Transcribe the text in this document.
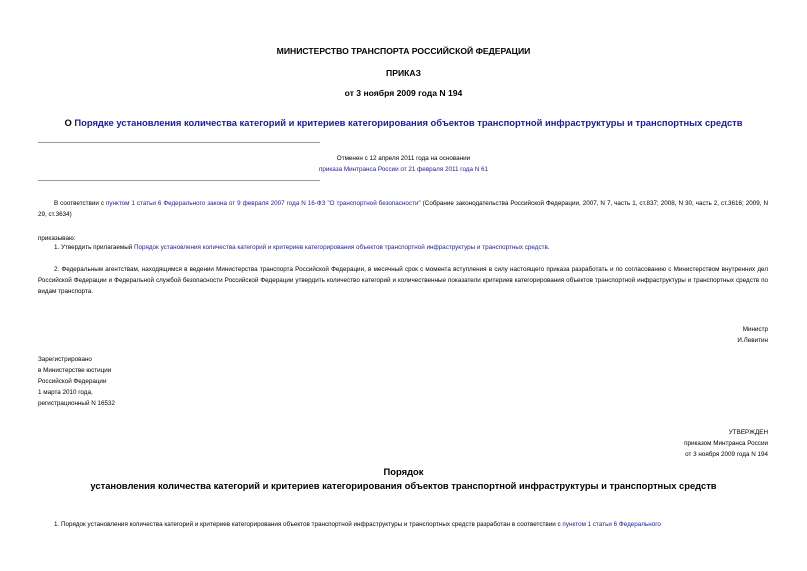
МИНИСТЕРСТВО ТРАНСПОРТА РОССИЙСКОЙ ФЕДЕРАЦИИ
ПРИКАЗ
от 3 ноября 2009 года N 194
О Порядке установления количества категорий и критериев категорирования объектов транспортной инфраструктуры и транспортных средств
Отменен с 12 апреля 2011 года на основании
приказа Минтранса России от 21 февраля 2011 года N 61
В соответствии с пунктом 1 статьи 6 Федерального закона от 9 февраля 2007 года N 16-ФЗ "О транспортной безопасности" (Собрание законодательства Российской Федерации, 2007, N 7, часть 1, ст.837; 2008, N 30, часть 2, ст.3616; 2009, N 29, ст.3634)
приказываю:
1. Утвердить прилагаемый Порядок установления количества категорий и критериев категорирования объектов транспортной инфраструктуры и транспортных средств.
2. Федеральным агентствам, находящимся в ведении Министерства транспорта Российской Федерации, в месячный срок с момента вступления в силу настоящего приказа разработать и по согласованию с Министерством внутренних дел Российской Федерации и Федеральной службой безопасности Российской Федерации утвердить количество категорий и количественные показатели критериев категорирования объектов транспортной инфраструктуры и транспортных средств по видам транспорта.
Министр
И.Левитин
Зарегистрировано
в Министерстве юстиции
Российской Федерации
1 марта 2010 года,
регистрационный N 16532
УТВЕРЖДЕН
приказом Минтранса России
от 3 ноября 2009 года N 194
Порядок
установления количества категорий и критериев категорирования объектов транспортной инфраструктуры и транспортных средств
1. Порядок установления количества категорий и критериев категорирования объектов транспортной инфраструктуры и транспортных средств разработан в соответствии с пунктом 1 статьи 6 Федерального
